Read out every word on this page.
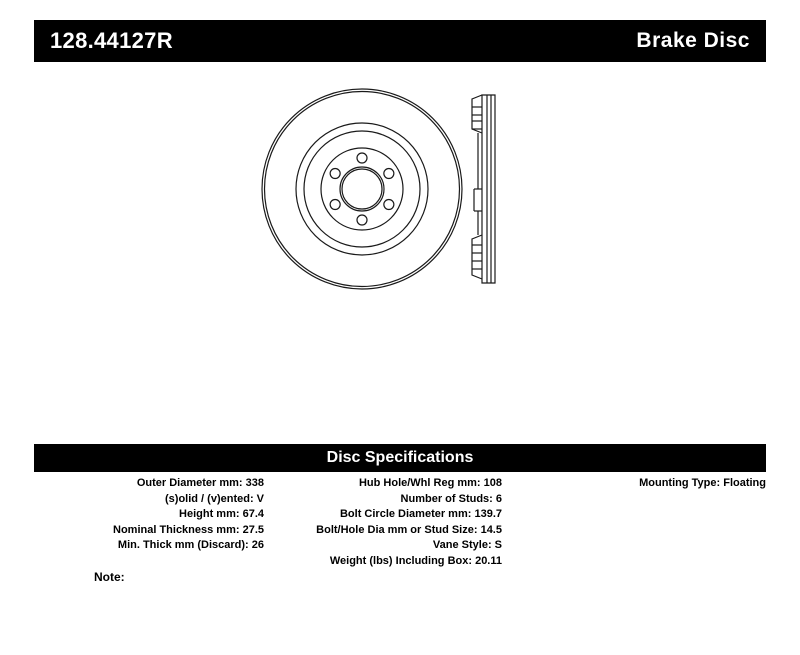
128.44127R	Brake Disc
Disc Specifications
Outer Diameter mm: 338
(s)olid / (v)ented: V
Height mm: 67.4
Nominal Thickness mm: 27.5
Min. Thick mm (Discard): 26
Hub Hole/Whl Reg mm: 108
Number of Studs: 6
Bolt Circle Diameter mm: 139.7
Bolt/Hole Dia mm or Stud Size: 14.5
Vane Style: S
Weight (lbs) Including Box: 20.11
Mounting Type: Floating
Note:
